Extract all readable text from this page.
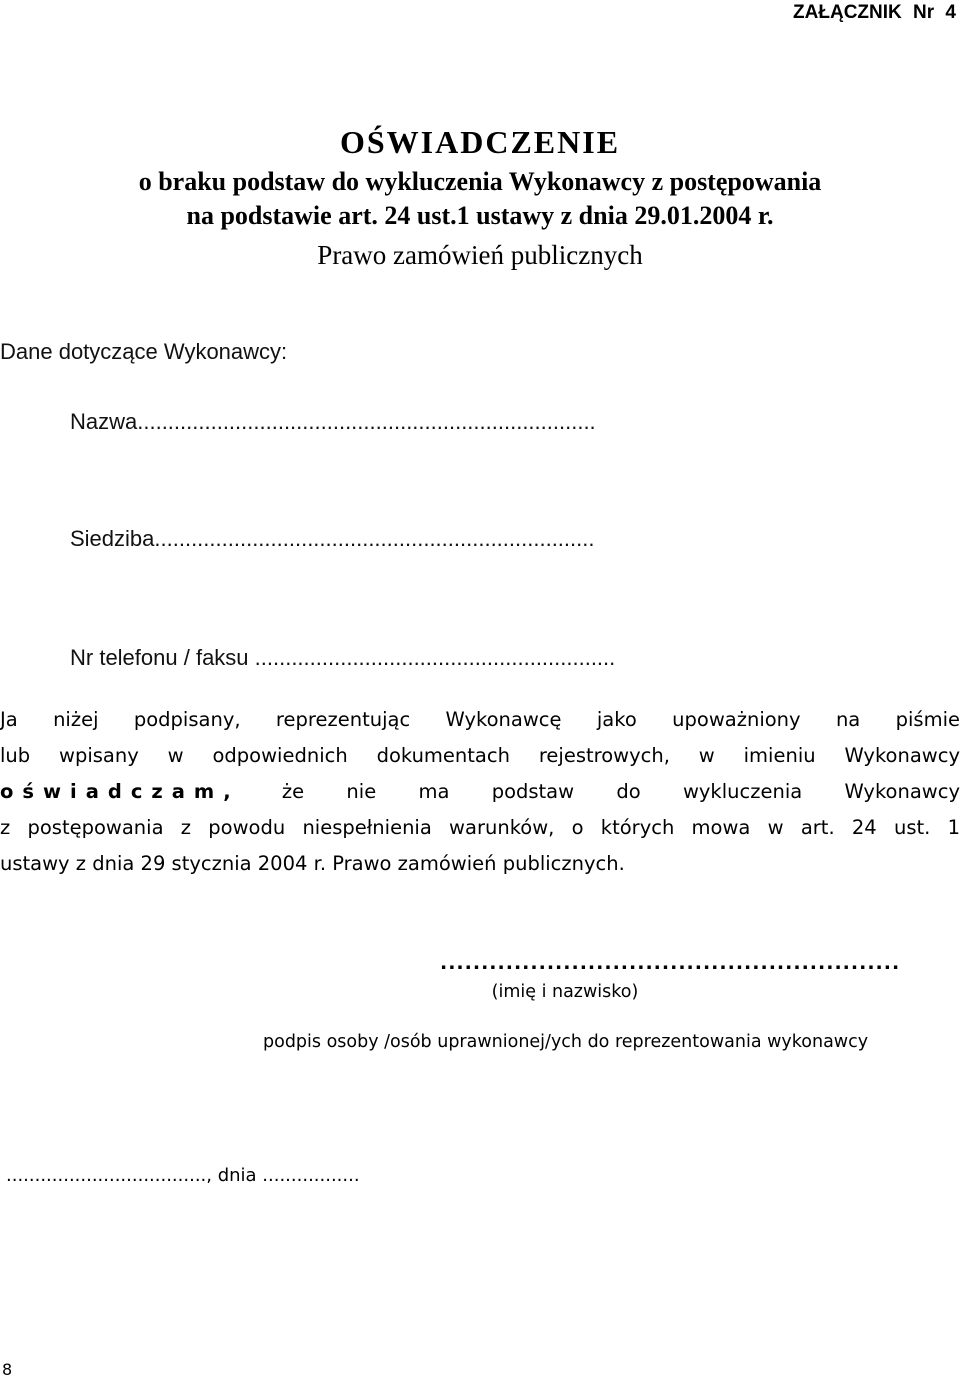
ZAŁĄCZNIK Nr 4
OŚWIADCZENIE
o braku podstaw do wykluczenia Wykonawcy z postępowania
na podstawie art. 24 ust.1 ustawy z dnia 29.01.2004 r.
Prawo zamówień publicznych
Dane dotyczące Wykonawcy:
Nazwa...........................................................................
Siedziba........................................................................
Nr telefonu / faksu ...........................................................
Ja niżej podpisany, reprezentując Wykonawcę jako upoważniony na piśmie
lub wpisany w odpowiednich dokumentach rejestrowych, w imieniu Wykonawcy
oświadczam, że nie ma podstaw do wykluczenia Wykonawcy
z postępowania z powodu niespełnienia warunków, o których mowa w art. 24 ust. 1
ustawy z dnia 29 stycznia 2004 r. Prawo zamówień publicznych.
........................................................
(imię i nazwisko)
podpis osoby /osób uprawnionej/ych do reprezentowania wykonawcy
..................................., dnia .................
8
